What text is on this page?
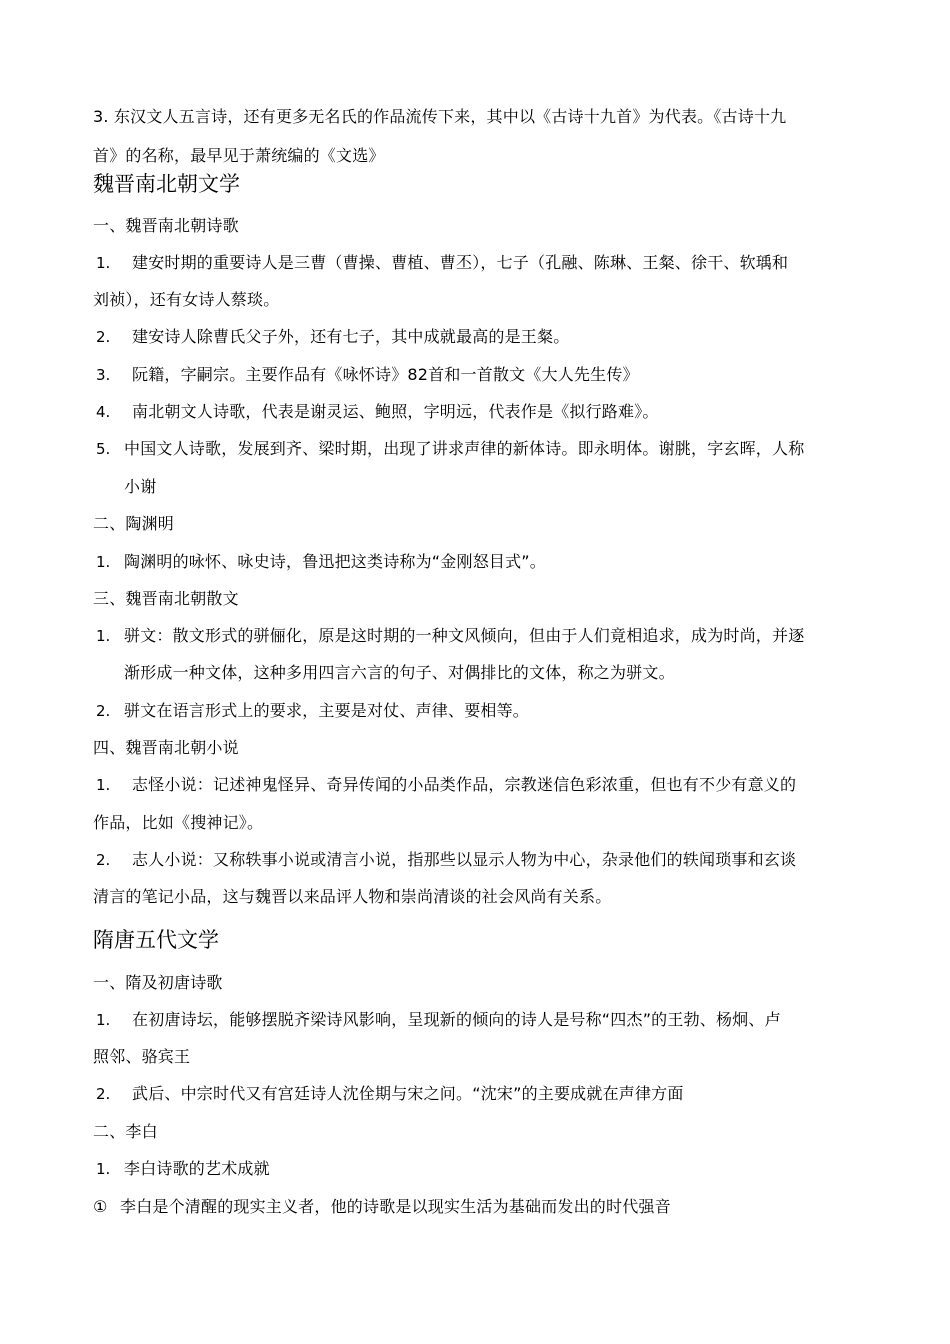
3. 东汉文人五言诗，还有更多无名氏的作品流传下来，其中以《古诗十九首》为代表。《古诗十九
首》的名称，最早见于萧统编的《文选》
魏晋南北朝文学
一、魏晋南北朝诗歌
1. 建安时期的重要诗人是三曹（曹操、曹植、曹丕），七子（孔融、陈琳、王粲、徐干、软瑀和
刘祯），还有女诗人蔡琰。
2. 建安诗人除曹氏父子外，还有七子，其中成就最高的是王粲。
3. 阮籍，字嗣宗。主要作品有《咏怀诗》82首和一首散文《大人先生传》
4. 南北朝文人诗歌，代表是谢灵运、鲍照，字明远，代表作是《拟行路难》。
5. 中国文人诗歌，发展到齐、梁时期，出现了讲求声律的新体诗。即永明体。谢朓，字玄晖，人称
小谢
二、陶渊明
1. 陶渊明的咏怀、咏史诗，鲁迅把这类诗称为“金刚怒目式”。
三、魏晋南北朝散文
1. 骈文：散文形式的骈俪化，原是这时期的一种文风倾向，但由于人们竟相追求，成为时尚，并逐
渐形成一种文体，这种多用四言六言的句子、对偶排比的文体，称之为骈文。
2. 骈文在语言形式上的要求，主要是对仗、声律、要相等。
四、魏晋南北朝小说
1. 志怪小说：记述神鬼怪异、奇异传闻的小品类作品，宗教迷信色彩浓重，但也有不少有意义的
作品，比如《搜神记》。
2. 志人小说：又称轶事小说或清言小说，指那些以显示人物为中心，杂录他们的轶闻琐事和玄谈
清言的笔记小品，这与魏晋以来品评人物和崇尚清谈的社会风尚有关系。
隋唐五代文学
一、隋及初唐诗歌
1. 在初唐诗坛，能够摆脱齐梁诗风影响，呈现新的倾向的诗人是号称“四杰”的王勃、杨炯、卢
照邻、骆宾王
2. 武后、中宗时代又有宫廷诗人沈佺期与宋之问。“沈宋”的主要成就在声律方面
二、李白
1. 李白诗歌的艺术成就
① 李白是个清醒的现实主义者，他的诗歌是以现实生活为基础而发出的时代强音
